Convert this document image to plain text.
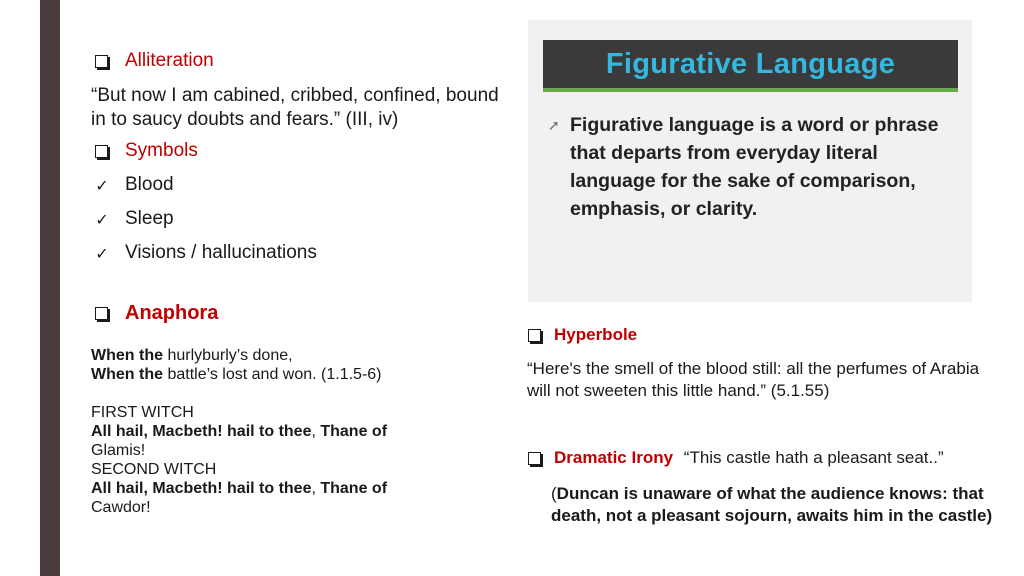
Alliteration
“But now I am cabined, cribbed, confined, bound in to saucy doubts and fears.” (III, iv)
Symbols
✓ Blood
✓ Sleep
✓ Visions / hallucinations
Anaphora
When the hurlyburly’s done,
When the battle’s lost and won. (1.1.5-6)
FIRST WITCH
All hail, Macbeth! hail to thee, Thane of
Glamis!
SECOND WITCH
All hail, Macbeth! hail to thee, Thane of
Cawdor!
Figurative Language
➚ Figurative language is a word or phrase that departs from everyday literal language for the sake of comparison, emphasis, or clarity.
Hyperbole
“Here's the smell of the blood still: all the perfumes of Arabia will not sweeten this little hand.” (5.1.55)
Dramatic Irony “This castle hath a pleasant seat..”
(Duncan is unaware of what the audience knows: that death, not a pleasant sojourn, awaits him in the castle)
